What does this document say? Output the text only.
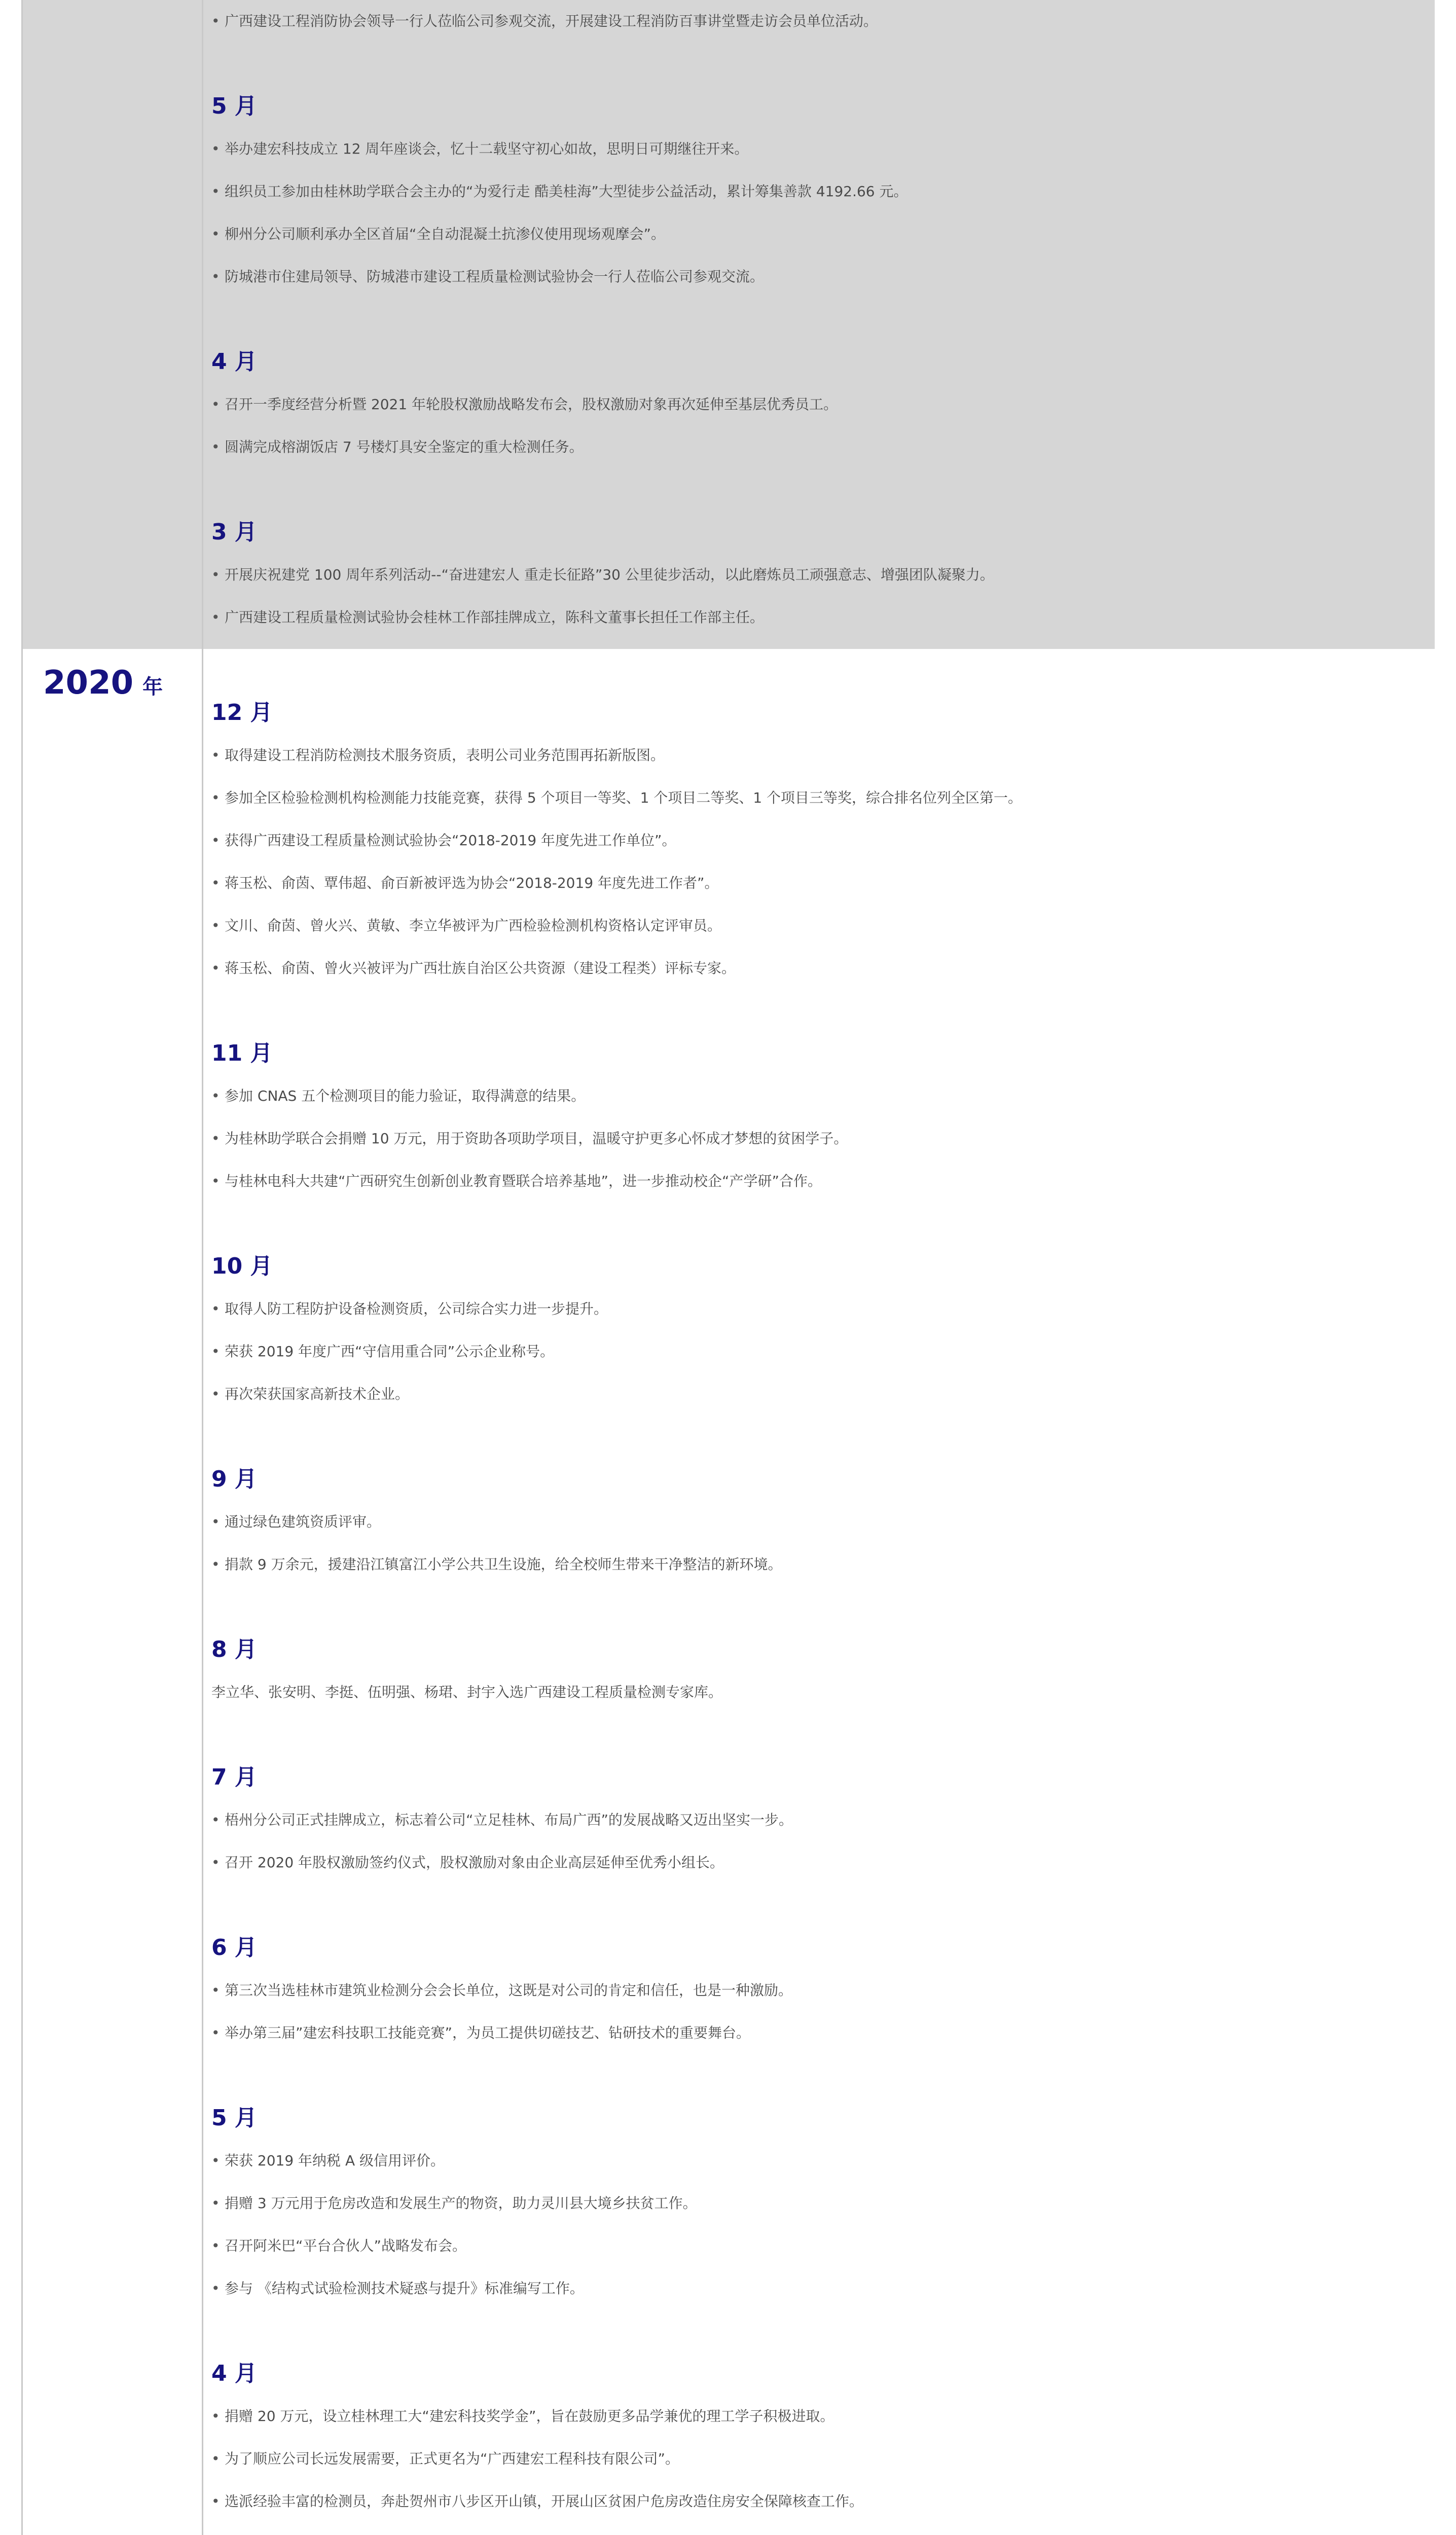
• 广西建设工程消防协会领导一行人莅临公司参观交流，开展建设工程消防百事讲堂暨走访会员单位活动。
5 月
• 举办建宏科技成立 12 周年座谈会，忆十二载坚守初心如故，思明日可期继往开来。
• 组织员工参加由桂林助学联合会主办的“为爱行走 酷美桂海”大型徒步公益活动，累计筹集善款 4192.66 元。
• 柳州分公司顺利承办全区首届“全自动混凝土抗渗仪使用现场观摩会”。
• 防城港市住建局领导、防城港市建设工程质量检测试验协会一行人莅临公司参观交流。
4 月
• 召开一季度经营分析暨 2021 年轮股权激励战略发布会，股权激励对象再次延伸至基层优秀员工。
• 圆满完成榕湖饭店 7 号楼灯具安全鉴定的重大检测任务。
3 月
• 开展庆祝建党 100 周年系列活动--“奋进建宏人 重走长征路”30 公里徒步活动，以此磨炼员工顽强意志、增强团队凝聚力。
• 广西建设工程质量检测试验协会桂林工作部挂牌成立，陈科文董事长担任工作部主任。
2020 年
12 月
• 取得建设工程消防检测技术服务资质，表明公司业务范围再拓新版图。
• 参加全区检验检测机构检测能力技能竞赛，获得 5 个项目一等奖、1 个项目二等奖、1 个项目三等奖，综合排名位列全区第一。
• 获得广西建设工程质量检测试验协会“2018-2019 年度先进工作单位”。
• 蒋玉松、俞茵、覃伟超、俞百新被评选为协会“2018-2019 年度先进工作者”。
• 文川、俞茵、曾火兴、黄敏、李立华被评为广西检验检测机构资格认定评审员。
• 蒋玉松、俞茵、曾火兴被评为广西壮族自治区公共资源（建设工程类）评标专家。
11 月
• 参加 CNAS 五个检测项目的能力验证，取得满意的结果。
• 为桂林助学联合会捐赠 10 万元，用于资助各项助学项目，温暖守护更多心怀成才梦想的贫困学子。
• 与桂林电科大共建“广西研究生创新创业教育暨联合培养基地”，进一步推动校企“产学研”合作。
10 月
• 取得人防工程防护设备检测资质，公司综合实力进一步提升。
• 荣获 2019 年度广西“守信用重合同”公示企业称号。
• 再次荣获国家高新技术企业。
9 月
• 通过绿色建筑资质评审。
• 捐款 9 万余元，援建沿江镇富江小学公共卫生设施，给全校师生带来干净整洁的新环境。
8 月
李立华、张安明、李挺、伍明强、杨珺、封宇入选广西建设工程质量检测专家库。
7 月
• 梧州分公司正式挂牌成立，标志着公司“立足桂林、布局广西”的发展战略又迈出坚实一步。
• 召开 2020 年股权激励签约仪式，股权激励对象由企业高层延伸至优秀小组长。
6 月
• 第三次当选桂林市建筑业检测分会会长单位，这既是对公司的肯定和信任，也是一种激励。
• 举办第三届”建宏科技职工技能竞赛”，为员工提供切磋技艺、钻研技术的重要舞台。
5 月
• 荣获 2019 年纳税 A 级信用评价。
• 捐赠 3 万元用于危房改造和发展生产的物资，助力灵川县大境乡扶贫工作。
• 召开阿米巴“平台合伙人”战略发布会。
• 参与 《结构式试验检测技术疑惑与提升》标准编写工作。
4 月
• 捐赠 20 万元，设立桂林理工大“建宏科技奖学金”，旨在鼓励更多品学兼优的理工学子积极进取。
• 为了顺应公司长远发展需要，正式更名为“广西建宏工程科技有限公司”。
• 选派经验丰富的检测员，奔赴贺州市八步区开山镇，开展山区贫困户危房改造住房安全保障核查工作。
